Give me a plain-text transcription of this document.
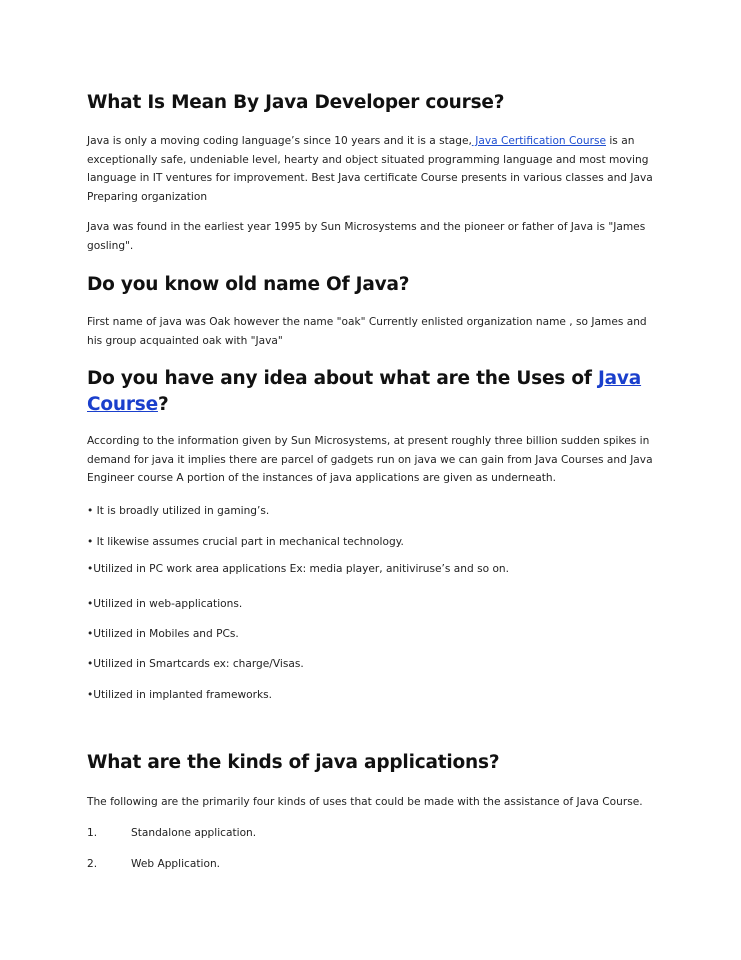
What Is Mean By Java Developer course?

Java is only a moving coding language’s since 10 years and it is a stage, Java Certification Course is an exceptionally safe, undeniable level, hearty and object situated programming language and most moving language in IT ventures for improvement. Best Java certificate Course presents in various classes and Java Preparing organization

Java was found in the earliest year 1995 by Sun Microsystems and the pioneer or father of Java is "James gosling".

Do you know old name Of Java?

First name of java was Oak however the name "oak" Currently enlisted organization name , so James and his group acquainted oak with "Java"

Do you have any idea about what are the Uses of Java Course?

According to the information given by Sun Microsystems, at present roughly three billion sudden spikes in demand for java it implies there are parcel of gadgets run on java we can gain from Java Courses and Java Engineer course A portion of the instances of java applications are given as underneath.

• It is broadly utilized in gaming’s.

• It likewise assumes crucial part in mechanical technology.

•Utilized in PC work area applications Ex: media player, anitiviruse’s and so on.

•Utilized in web-applications.

•Utilized in Mobiles and PCs.

•Utilized in Smartcards ex: charge/Visas.

•Utilized in implanted frameworks.

What are the kinds of java applications?

The following are the primarily four kinds of uses that could be made with the assistance of Java Course.

1.	Standalone application.
2.	Web Application.
